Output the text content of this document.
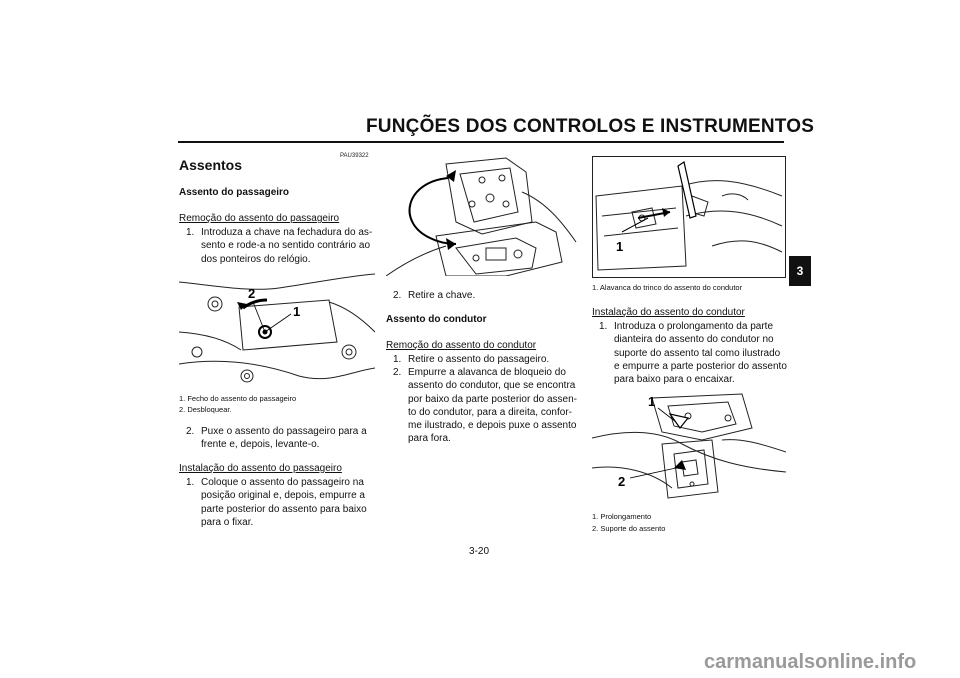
FUNÇÕES DOS CONTROLOS E INSTRUMENTOS
3
PAU39322
Assentos
Assento do passageiro
Remoção do assento do passageiro
1. Introduza a chave na fechadura do as-sento e rode-a no sentido contrário ao dos ponteiros do relógio.
1
2
1. Fecho do assento do passageiro
2. Desbloquear.
2. Puxe o assento do passageiro para a frente e, depois, levante-o.
Instalação do assento do passageiro
1. Coloque o assento do passageiro na posição original e, depois, empurre a parte posterior do assento para baixo para o fixar.
2. Retire a chave.
Assento do condutor
Remoção do assento do condutor
1. Retire o assento do passageiro.
2. Empurre a alavanca de bloqueio do assento do condutor, que se encontra por baixo da parte posterior do assen-to do condutor, para a direita, confor-me ilustrado, e depois puxe o assento para fora.
1
1. Alavanca do trinco do assento do condutor
Instalação do assento do condutor
1. Introduza o prolongamento da parte dianteira do assento do condutor no suporte do assento tal como ilustrado e empurre a parte posterior do assento para baixo para o encaixar.
1
2
1. Prolongamento
2. Suporte do assento
3-20
carmanualsonline.info
